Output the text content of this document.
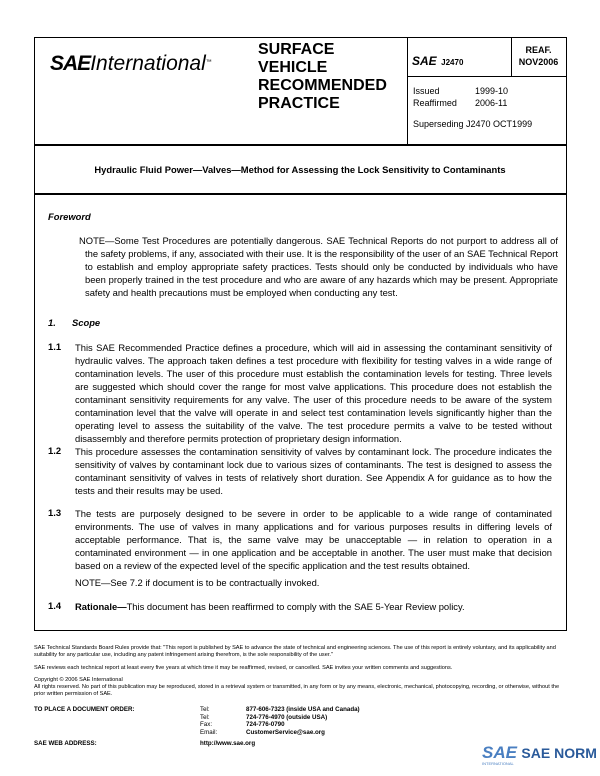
SAEInternational™
SURFACE
VEHICLE
RECOMMENDED
PRACTICE
SAE J2470
REAF.
NOV2006
Issued	1999-10
Reaffirmed 2006-11
Superseding J2470 OCT1999
Hydraulic Fluid Power—Valves—Method for Assessing the Lock Sensitivity to Contaminants
Foreword
NOTE—Some Test Procedures are potentially dangerous. SAE Technical Reports do not purport to address all of the safety problems, if any, associated with their use. It is the responsibility of the user of an SAE Technical Report to establish and employ appropriate safety practices. Tests should only be conducted by individuals who have been properly trained in the test procedure and who are aware of any hazards which may be present. Appropriate safety and health precautions must be employed when conducting any test.
1. Scope
1.1 This SAE Recommended Practice defines a procedure, which will aid in assessing the contaminant sensitivity of hydraulic valves. The approach taken defines a test procedure with flexibility for testing valves in a wide range of contamination levels. The user of this procedure must establish the contamination levels for testing. Three levels are suggested which should cover the range for most valve applications. This procedure does not establish the contaminant sensitivity requirements for any valve. The user of this procedure needs to be aware of the system contamination level that the valve will operate in and select test contamination levels significantly higher than the operating level to assess the suitability of the valve. The test procedure permits a valve to be tested without disassembly and therefore permits protection of proprietary design information.
1.2 This procedure assesses the contamination sensitivity of valves by contaminant lock. The procedure indicates the sensitivity of valves by contaminant lock due to various sizes of contaminants. The test is designed to assess the contaminant sensitivity of valves in tests of relatively short duration. See Appendix A for guidance as to how the tests and their results may be used.
1.3 The tests are purposely designed to be severe in order to be applicable to a wide range of contaminated environments. The use of valves in many applications and for various purposes results in differing levels of acceptable performance. That is, the same valve may be unacceptable — in relation to operation in a contaminated environment — in one application and be acceptable in another. The user must make that decision based on a review of the expected level of the specific application and the test results obtained.
NOTE—See 7.2 if document is to be contractually invoked.
1.4 Rationale—This document has been reaffirmed to comply with the SAE 5-Year Review policy.
SAE Technical Standards Board Rules provide that: "This report is published by SAE to advance the state of technical and engineering sciences. The use of this report is entirely voluntary, and its applicability and suitability for any particular use, including any patent infringement arising therefrom, is the sole responsibility of the user."
SAE reviews each technical report at least every five years at which time it may be reaffirmed, revised, or cancelled. SAE invites your written comments and suggestions.
Copyright © 2006 SAE International
All rights reserved. No part of this publication may be reproduced, stored in a retrieval system or transmitted, in any form or by any means, electronic, mechanical, photocopying, recording, or otherwise, without the prior written permission of SAE.
TO PLACE A DOCUMENT ORDER:	Tel:	877-606-7323 (inside USA and Canada)
Tel:	724-776-4970 (outside USA)
Fax:	724-776-0790
Email:	CustomerService@sae.org
SAE WEB ADDRESS:	http://www.sae.org	SAE SAE NORM
INTERNATIONAL
